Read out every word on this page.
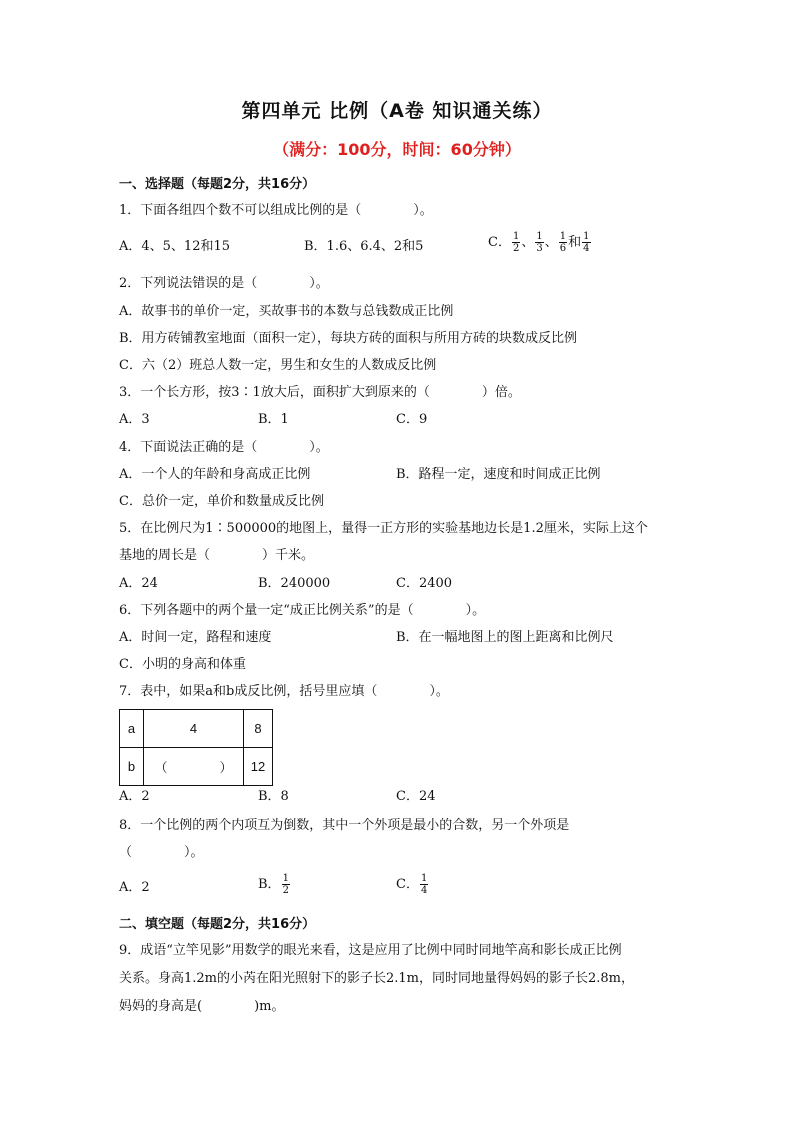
第四单元 比例（A卷 知识通关练）
（满分：100分，时间：60分钟）
一、选择题（每题2分，共16分）
1．下面各组四个数不可以组成比例的是（　　　　）。
A．4、5、12和15	B．1.6、6.4、2和5	C． $\frac{1}{2}$ 、 $\frac{1}{3}$ 、 $\frac{1}{6}$ 和 $\frac{1}{4}$
2．下列说法错误的是（　　　　）。
A．故事书的单价一定，买故事书的本数与总钱数成正比例
B．用方砖铺教室地面（面积一定），每块方砖的面积与所用方砖的块数成反比例
C．六（2）班总人数一定，男生和女生的人数成反比例
3．一个长方形，按3∶1放大后，面积扩大到原来的（　　　　）倍。
A．3	B．1	C．9
4．下面说法正确的是（　　　　）。
A．一个人的年龄和身高成正比例	B．路程一定，速度和时间成正比例
C．总价一定，单价和数量成反比例
5．在比例尺为1∶500000的地图上，量得一正方形的实验基地边长是1.2厘米，实际上这个
基地的周长是（　　　　）千米。
A．24	B．240000	C．2400
6．下列各题中的两个量一定“成正比例关系”的是（　　　　）。
A．时间一定，路程和速度	B．在一幅地图上的图上距离和比例尺
C．小明的身高和体重
7．表中，如果a和b成反比例，括号里应填（　　　　）。
a	4	8
b	（　　　　）	12
A．2	B．8	C．24
8．一个比例的两个内项互为倒数，其中一个外项是最小的合数，另一个外项是
（　　　　）。
A．2	B． $\frac{1}{2}$	C． $\frac{1}{4}$
二、填空题（每题2分，共16分）
9．成语“立竿见影”用数学的眼光来看，这是应用了比例中同时同地竿高和影长成正比例
关系。身高1.2m的小芮在阳光照射下的影子长2.1m，同时同地量得妈妈的影子长2.8m，
妈妈的身高是(　　　　)m。
